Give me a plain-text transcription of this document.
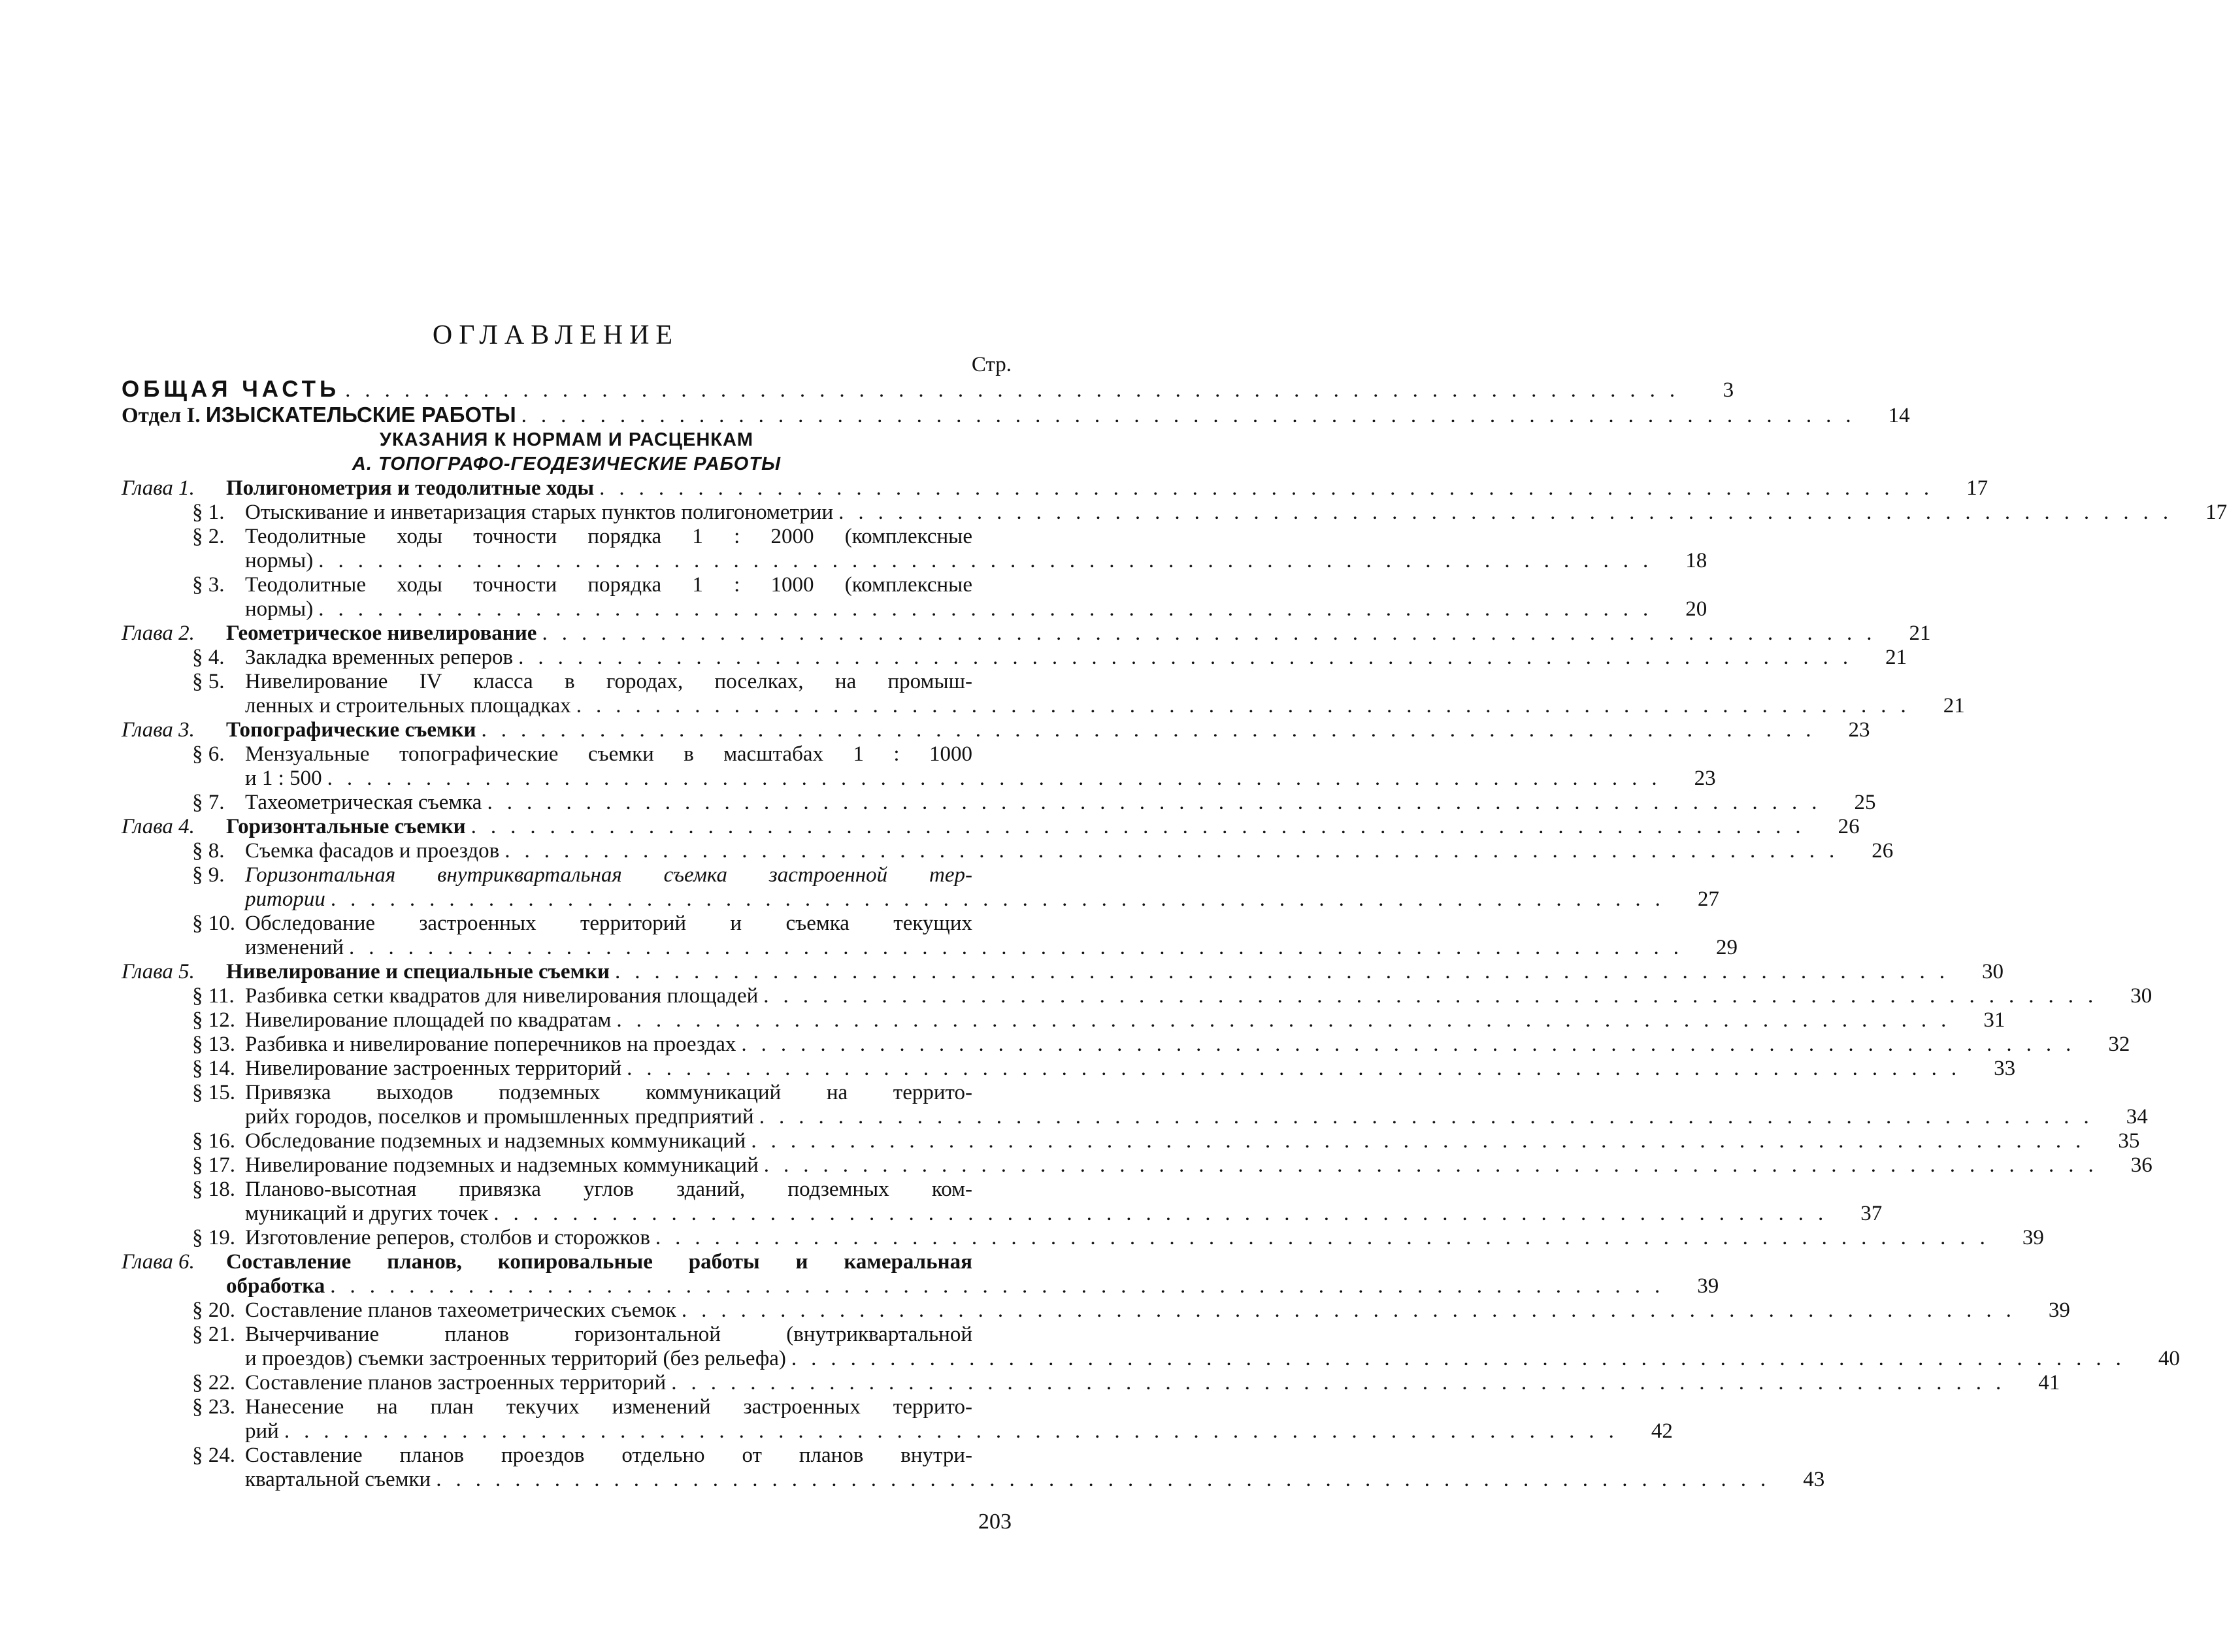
ОГЛАВЛЕНИЕ
Стр.
ОБЩАЯ ЧАСТЬ ....................................................................	3
Отдел I. ИЗЫСКАТЕЛЬСКИЕ РАБОТЫ ....................................................................	14
УКАЗАНИЯ К НОРМАМ И РАСЦЕНКАМ
А. ТОПОГРАФО-ГЕОДЕЗИЧЕСКИЕ РАБОТЫ
Глава 1.	Полигонометрия и теодолитные ходы ....................................................................	17
§ 1. Отыскивание и инветаризация старых пунктов полигонометрии ....................................................................	17
§ 2. Теодолитные ходы точности порядка 1 : 2000 (комплексные
нормы) ....................................................................	18
§ 3. Теодолитные ходы точности порядка 1 : 1000 (комплексные
нормы) ....................................................................	20
Глава 2.	Геометрическое нивелирование ....................................................................	21
§ 4. Закладка временных реперов ....................................................................	21
§ 5. Нивелирование IV класса в городах, поселках, на промыш-
ленных и строительных площадках ....................................................................	21
Глава 3.	Топографические съемки ....................................................................	23
§ 6. Мензуальные топографические съемки в масштабах 1 : 1000
и 1 : 500 ....................................................................	23
§ 7. Тахеометрическая съемка ....................................................................	25
Глава 4.	Горизонтальные съемки ....................................................................	26
§ 8. Съемка фасадов и проездов ....................................................................	26
§ 9. Горизонтальная внутриквартальная съемка застроенной тер-
ритории ....................................................................	27
§ 10. Обследование застроенных территорий и съемка текущих
изменений ....................................................................	29
Глава 5.	Нивелирование и специальные съемки ....................................................................	30
§ 11. Разбивка сетки квадратов для нивелирования площадей ....................................................................	30
§ 12. Нивелирование площадей по квадратам ....................................................................	31
§ 13. Разбивка и нивелирование поперечников на проездах ....................................................................	32
§ 14. Нивелирование застроенных территорий ....................................................................	33
§ 15. Привязка выходов подземных коммуникаций на террито-
рийх городов, поселков и промышленных предприятий ....................................................................	34
§ 16. Обследование подземных и надземных коммуникаций ....................................................................	35
§ 17. Нивелирование подземных и надземных коммуникаций ....................................................................	36
§ 18. Планово-высотная привязка углов зданий, подземных ком-
муникаций и других точек ....................................................................	37
§ 19. Изготовление реперов, столбов и сторожков ....................................................................	39
Глава 6.	Составление планов, копировальные работы и камеральная
обработка ....................................................................	39
§ 20. Составление планов тахеометрических съемок ....................................................................	39
§ 21. Вычерчивание планов горизонтальной (внутриквартальной
и проездов) съемки застроенных территорий (без рельефа) ....................................................................	40
§ 22. Составление планов застроенных территорий ....................................................................	41
§ 23. Нанесение на план текучих изменений застроенных террито-
рий ....................................................................	42
§ 24. Составление планов проездов отдельно от планов внутри-
квартальной съемки ....................................................................	43
203
